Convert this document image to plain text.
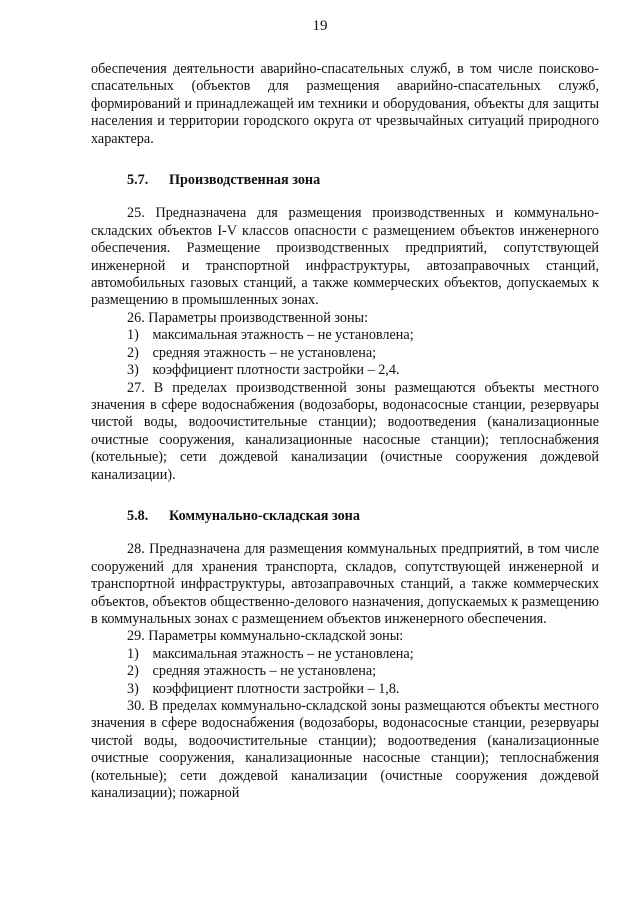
19

обеспечения деятельности аварийно-спасательных служб, в том числе поисково-спасательных (объектов для размещения аварийно-спасательных служб, формирований и принадлежащей им техники и оборудования, объекты для защиты населения и территории городского округа от чрезвычайных ситуаций природного характера.

5.7. Производственная зона

25. Предназначена для размещения производственных и коммунально-складских объектов I-V классов опасности с размещением объектов инженерного обеспечения. Размещение производственных предприятий, сопутствующей инженерной и транспортной инфраструктуры, автозаправочных станций, автомобильных газовых станций, а также коммерческих объектов, допускаемых к размещению в промышленных зонах.

26. Параметры производственной зоны:

1) максимальная этажность – не установлена;

2) средняя этажность – не установлена;

3) коэффициент плотности застройки – 2,4.

27. В пределах производственной зоны размещаются объекты местного значения в сфере водоснабжения (водозаборы, водонасосные станции, резервуары чистой воды, водоочистительные станции); водоотведения (канализационные очистные сооружения, канализационные насосные станции); теплоснабжения (котельные); сети дождевой канализации (очистные сооружения дождевой канализации).

5.8. Коммунально-складская зона

28. Предназначена для размещения коммунальных предприятий, в том числе сооружений для хранения транспорта, складов, сопутствующей инженерной и транспортной инфраструктуры, автозаправочных станций, а также коммерческих объектов, объектов общественно-делового назначения, допускаемых к размещению в коммунальных зонах с размещением объектов инженерного обеспечения.

29. Параметры коммунально-складской зоны:

1) максимальная этажность – не установлена;

2) средняя этажность – не установлена;

3) коэффициент плотности застройки – 1,8.

30. В пределах коммунально-складской зоны размещаются объекты местного значения в сфере водоснабжения (водозаборы, водонасосные станции, резервуары чистой воды, водоочистительные станции); водоотведения (канализационные очистные сооружения, канализационные насосные станции); теплоснабжения (котельные); сети дождевой канализации (очистные сооружения дождевой канализации); пожарной
